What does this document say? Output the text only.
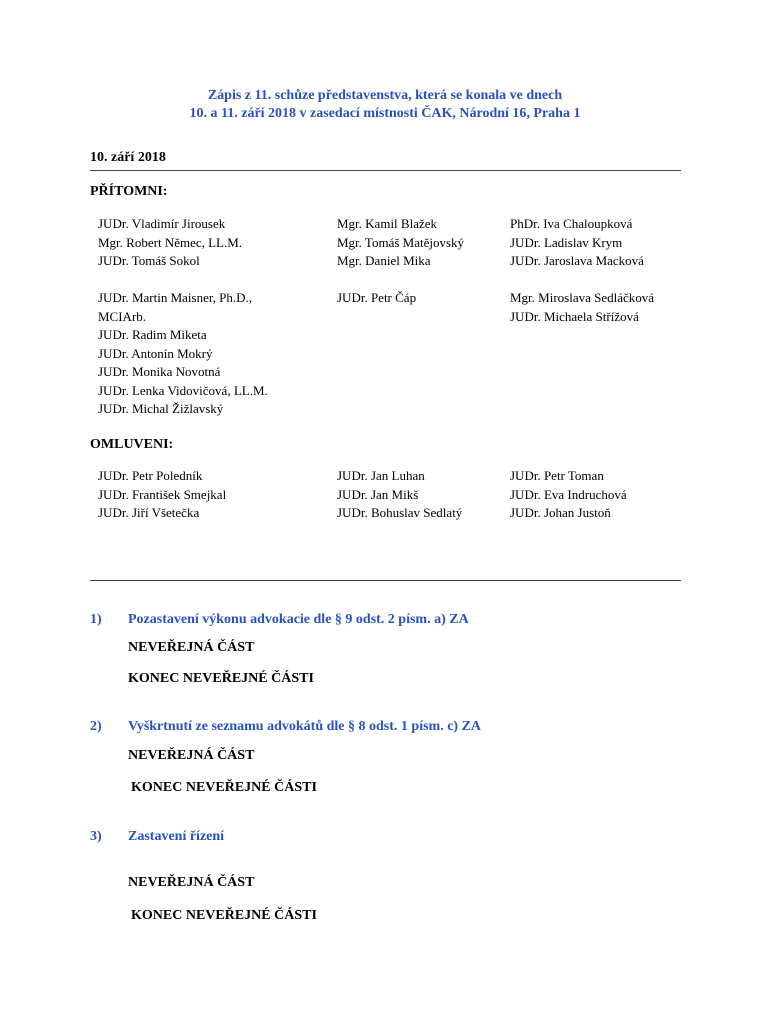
Zápis z 11. schůze představenstva, která se konala ve dnech
10. a 11. září 2018 v zasedací místnosti ČAK, Národní 16, Praha 1
10. září 2018
PŘÍTOMNI:
JUDr. Vladimír Jirousek
Mgr. Robert Němec, LL.M.
JUDr. Tomáš Sokol
Mgr. Kamil Blažek
Mgr. Tomáš Matějovský
Mgr. Daniel Mika
PhDr. Iva Chaloupková
JUDr. Ladislav Krym
JUDr. Jaroslava Macková
JUDr. Martin Maisner, Ph.D.,
MCIArb.
JUDr. Radim Miketa
JUDr. Antonín Mokrý
JUDr. Monika Novotná
JUDr. Lenka Vidovičová, LL.M.
JUDr. Michal Žižlavský
JUDr. Petr Čáp	Mgr. Miroslava Sedláčková
JUDr. Michaela Střížová
OMLUVENI:
JUDr. Petr Poledník
JUDr. František Smejkal
JUDr. Jiří Všetečka
JUDr. Jan Luhan
JUDr. Jan Mikš
JUDr. Bohuslav Sedlatý
JUDr. Petr Toman
JUDr. Eva Indruchová
JUDr. Johan Justoň
1) Pozastavení výkonu advokacie dle § 9 odst. 2 písm. a) ZA
NEVEŘEJNÁ ČÁST
KONEC NEVEŘEJNÉ ČÁSTI
2) Vyškrtnutí ze seznamu advokátů dle § 8 odst. 1 písm. c) ZA
NEVEŘEJNÁ ČÁST
KONEC NEVEŘEJNÉ ČÁSTI
3) Zastavení řízení
NEVEŘEJNÁ ČÁST
KONEC NEVEŘEJNÉ ČÁSTI
